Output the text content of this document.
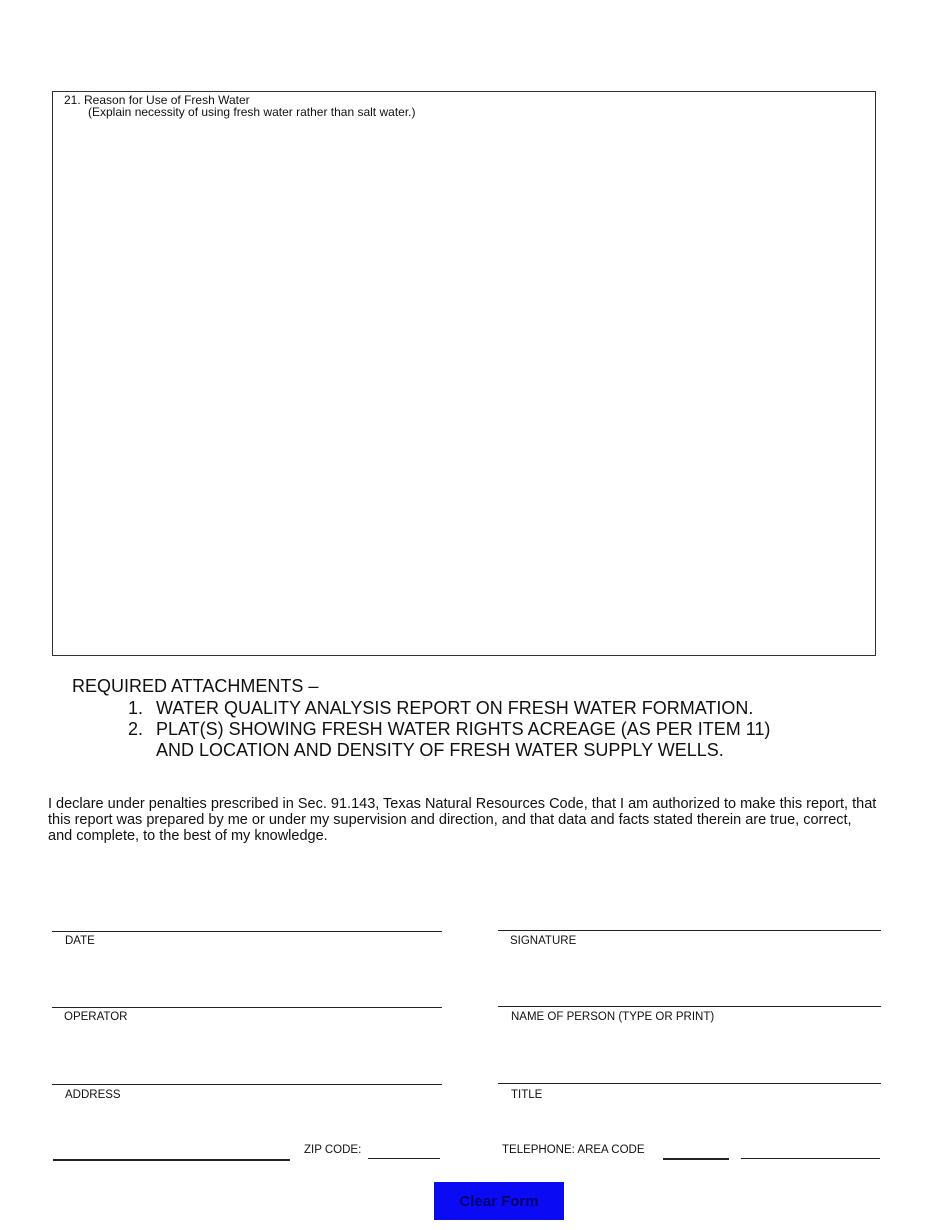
21. Reason for Use of Fresh Water
(Explain necessity of using fresh water rather than salt water.)
REQUIRED ATTACHMENTS –
1. WATER QUALITY ANALYSIS REPORT ON FRESH WATER FORMATION.
2. PLAT(S) SHOWING FRESH WATER RIGHTS ACREAGE (AS PER ITEM 11)
AND LOCATION AND DENSITY OF FRESH WATER SUPPLY WELLS.
I declare under penalties prescribed in Sec. 91.143, Texas Natural Resources Code, that I am authorized to make this report, that this report was prepared by me or under my supervision and direction, and that data and facts stated therein are true, correct, and complete, to the best of my knowledge.
DATE	SIGNATURE
OPERATOR	NAME OF PERSON (TYPE OR PRINT)
ADDRESS	TITLE
ZIP CODE:	TELEPHONE: AREA CODE
Clear Form
